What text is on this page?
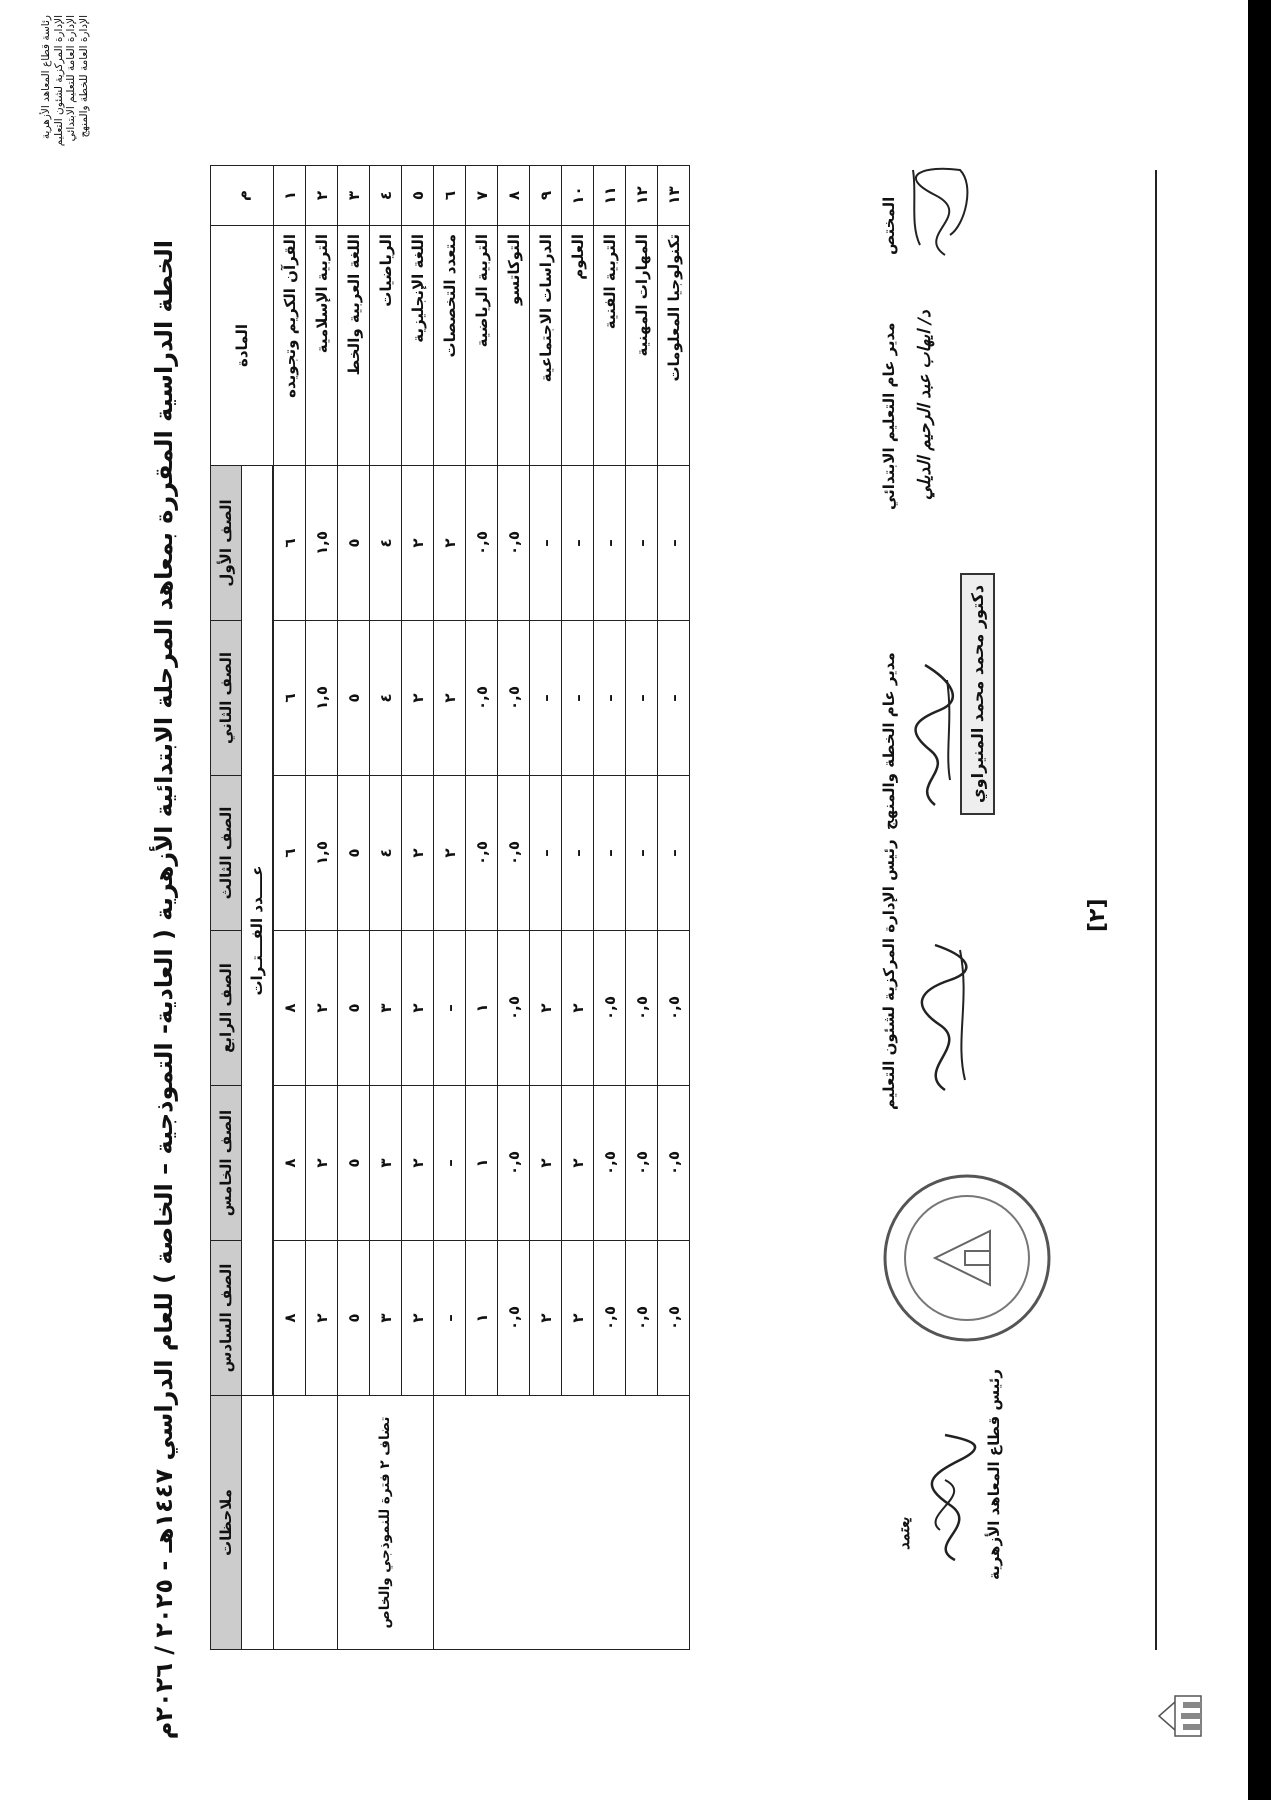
رئاسة قطاع المعاهد الأزهرية الإدارة المركزية لشئون التعليم الإدارة العامة للتعليم الابتدائي الإدارة العامة للخطة والمنهج
الخطة الدراسية المقررة بمعاهد المرحلة الابتدائية الأزهرية ( العادية- التموذجية – الخاصة ) للعام الدراسي ١٤٤٧هـ - ٢٠٢٥ / ٢٠٢٦م
م	المادة	الصف الأول	الصف الثاني	الصف الثالث	الصف الرابع	الصف الخامس	الصف السادس	ملاحظات
		عــــدد الفـــتـرات						

١	القرآن الكريم وتجويده	٦	٦	٦	٨	٨	٨	
٢	التربية الإسلامية	١,٥	١,٥	١,٥	٢	٢	٢	
٣	اللغة العربية والخط	٥	٥	٥	٥	٥	٥	تضاف ٢ فترة للنموذجي والخاص
٤	الرياضيات	٤	٤	٤	٣	٣	٣	
٥	اللغة الإنجليزية	٢	٢	٢	٢	٢	٢	
٦	متعدد التخصصات	٢	٢	٢	–	–	–	
٧	التربية الرياضية	٠,٥	٠,٥	٠,٥	١	١	١	
٨	التوكاتسو	٠,٥	٠,٥	٠,٥	٠,٥	٠,٥	٠,٥	
٩	الدراسات الاجتماعية	–	–	–	٢	٢	٢	
١٠	العلوم	–	–	–	٢	٢	٢	
١١	التربية الفنية	–	–	–	٠,٥	٠,٥	٠,٥	
١٢	المهارات المهنية	–	–	–	٠,٥	٠,٥	٠,٥	
١٣	تكنولوجيا المعلومات	–	–	–	٠,٥	٠,٥	٠,٥	
المختص
مدير عام التعليم الابتدائي د/ ايهاب عبد الرحيم الديلي
مدير عام الخطة والمنهج	دكتور محمد محمد المنيراوي
رئيس الإدارة المركزية لشئون التعليم
يعتمد	رئيس قطاع المعاهد الأزهرية
[٢]
